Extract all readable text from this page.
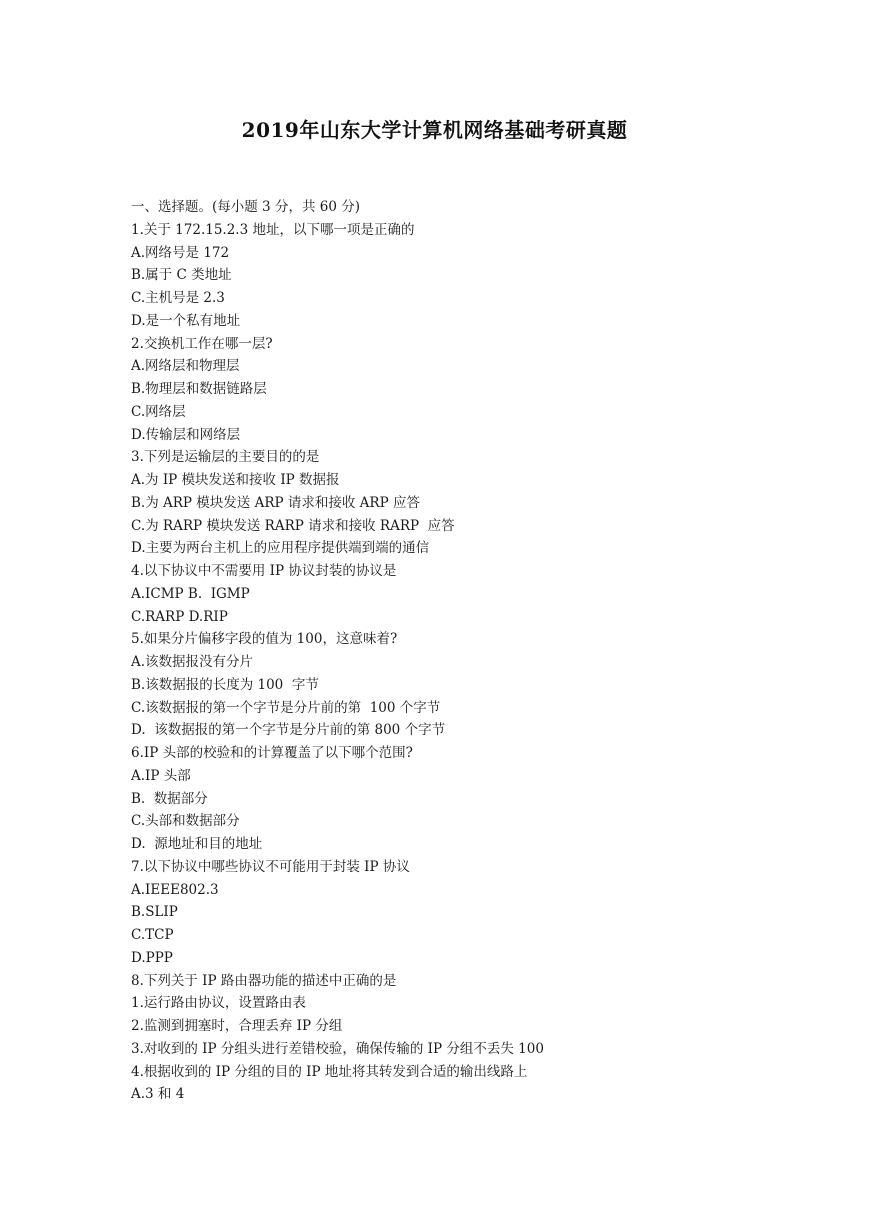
2019年山东大学计算机网络基础考研真题
一、选择题。(每小题 3 分，共 60 分)
1.关于 172.15.2.3 地址，以下哪一项是正确的
A.网络号是 172
B.属于 C 类地址
C.主机号是 2.3
D.是一个私有地址
2.交换机工作在哪一层?
A.网络层和物理层
B.物理层和数据链路层
C.网络层
D.传输层和网络层
3.下列是运输层的主要目的的是
A.为 IP 模块发送和接收 IP 数据报
B.为 ARP 模块发送 ARP 请求和接收 ARP 应答
C.为 RARP 模块发送 RARP 请求和接收 RARP  应答
D.主要为两台主机上的应用程序提供端到端的通信
4.以下协议中不需要用 IP 协议封装的协议是
A.ICMP B.  IGMP
C.RARP D.RIP
5.如果分片偏移字段的值为 100，这意味着?
A.该数据报没有分片
B.该数据报的长度为 100  字节
C.该数据报的第一个字节是分片前的第  100 个字节
D.  该数据报的第一个字节是分片前的第 800 个字节
6.IP 头部的校验和的计算覆盖了以下哪个范围?
A.IP 头部
B.  数据部分
C.头部和数据部分
D.  源地址和目的地址
7.以下协议中哪些协议不可能用于封装 IP 协议
A.IEEE802.3
B.SLIP
C.TCP
D.PPP
8.下列关于 IP 路由器功能的描述中正确的是
1.运行路由协议，设置路由表
2.监测到拥塞时，合理丢弃 IP 分组
3.对收到的 IP 分组头进行差错校验，确保传输的 IP 分组不丢失 100
4.根据收到的 IP 分组的目的 IP 地址将其转发到合适的输出线路上
A.3 和 4
